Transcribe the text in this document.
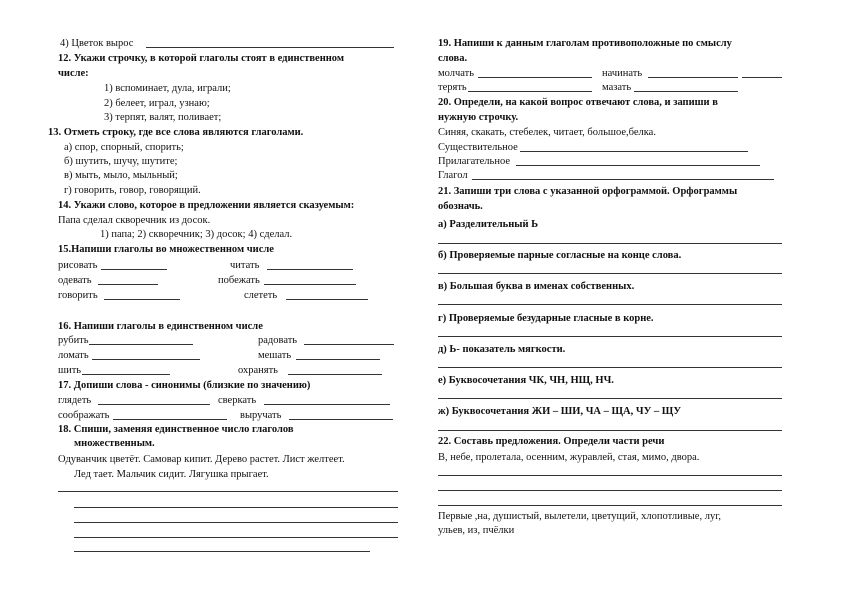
4) Цветок вырос
12. Укажи строчку, в которой глаголы стоят в единственном
числе:
1) вспоминает, дула, играли;
2) белеет, играл, узнаю;
3) терпят, валят, поливает;
13. Отметь строку, где все слова являются глаголами.
а) спор, спорный, спорить;
б) шутить, шучу, шутите;
в) мыть, мыло, мыльный;
г) говорить, говор, говорящий.
14. Укажи слово, которое в предложении является сказуемым:
Папа сделал скворечник из досок.
1) папа; 2) скворечник; 3) досок; 4) сделал.
15.Напиши глаголы во множественном числе
рисовать	читать
одевать	побежать
говорить	слететь
16. Напиши глаголы в единственном числе
рубить	радовать
ломать	мешать
шить	охранять
17. Допиши слова - синонимы (близкие по значению)
глядеть	сверкать
соображать	выручать
18. Спиши, заменяя единственное число глаголов
множественным.
Одуванчик цветёт. Самовар кипит. Дерево растет. Лист желтеет.
Лед тает. Мальчик сидит. Лягушка прыгает.
19. Напиши к данным глаголам противоположные по смыслу
слова.
молчать	начинать
терять	мазать
20. Определи, на какой вопрос отвечают слова, и запиши в
нужную строчку.
Синяя, скакать, стебелек, читает, большое,белка.
Существительное
Прилагательное
Глагол
21. Запиши три слова с указанной орфограммой. Орфограммы
обозначь.
а) Разделительный Ь
б) Проверяемые парные согласные на конце слова.
в) Большая буква в именах собственных.
г) Проверяемые безударные гласные в корне.
д) Ь- показатель мягкости.
е) Буквосочетания ЧК, ЧН, НЩ, НЧ.
ж) Буквосочетания ЖИ – ШИ, ЧА – ЩА, ЧУ – ЩУ
22. Составь предложения. Определи части речи
В, небе, пролетала, осенним, журавлей, стая, мимо, двора.
Первые ,на, душистый, вылетели, цветущий, хлопотливые, луг,
ульев, из, пчёлки
